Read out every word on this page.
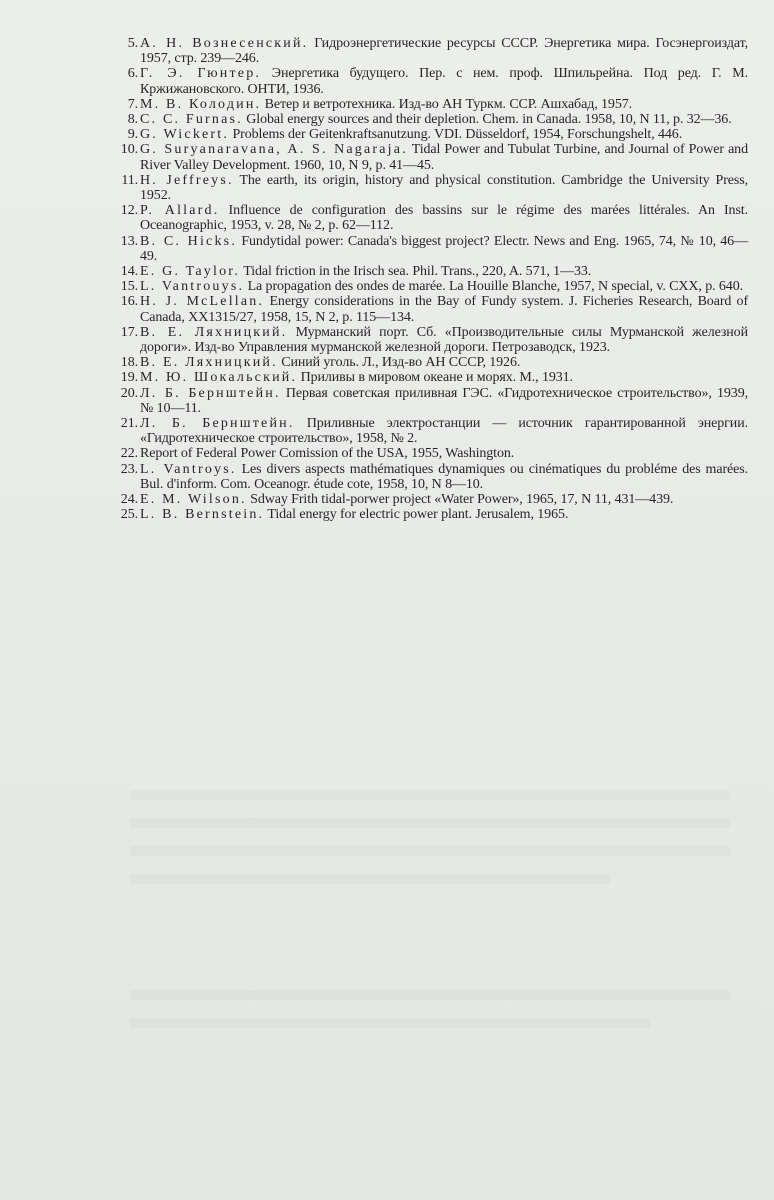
5. А. Н. Вознесенский. Гидроэнергетические ресурсы СССР. Энергетика мира. Госэнергоиздат, 1957, стр. 239—246.
6. Г. Э. Гюнтер. Энергетика будущего. Пер. с нем. проф. Шпильрейна. Под ред. Г. М. Кржижановского. ОНТИ, 1936.
7. М. В. Колодин. Ветер и ветротехника. Изд-во АН Туркм. ССР. Ашхабад, 1957.
8. C. C. Furnas. Global energy sources and their depletion. Chem. in Canada. 1958, 10, N 11, p. 32—36.
9. G. Wickert. Problems der Geitenkraftsanutzung. VDI. Düsseldorf, 1954, Forschungshelt, 446.
10. G. Suryanaravana, A. S. Nagaraja. Tidal Power and Tubulat Turbine, and Journal of Power and River Valley Development. 1960, 10, N 9, p. 41—45.
11. H. Jeffreys. The earth, its origin, history and physical constitution. Cambridge the University Press, 1952.
12. P. Allard. Influence de configuration des bassins sur le régime des marées littérales. An Inst. Oceanographic, 1953, v. 28, № 2, p. 62—112.
13. B. C. Hicks. Fundytidal power: Canada's biggest project? Electr. News and Eng. 1965, 74, № 10, 46—49.
14. E. G. Taylor. Tidal friction in the Irisch sea. Phil. Trans., 220, A. 571, 1—33.
15. L. Vantrouys. La propagation des ondes de marée. La Houille Blanche, 1957, N special, v. CXX, p. 640.
16. H. J. McLellan. Energy considerations in the Bay of Fundy system. J. Ficheries Research, Board of Canada, XX1315/27, 1958, 15, N 2, p. 115—134.
17. В. Е. Ляхницкий. Мурманский порт. Сб. «Производительные силы Мурманской железной дороги». Изд-во Управления мурманской железной дороги. Петрозаводск, 1923.
18. В. Е. Ляхницкий. Синий уголь. Л., Изд-во АН СССР, 1926.
19. М. Ю. Шокальский. Приливы в мировом океане и морях. М., 1931.
20. Л. Б. Бернштейн. Первая советская приливная ГЭС. «Гидротехническое строительство», 1939, № 10—11.
21. Л. Б. Бернштейн. Приливные электростанции — источник гарантированной энергии. «Гидротехническое строительство», 1958, № 2.
22. Report of Federal Power Comission of the USA, 1955, Washington.
23. L. Vantroys. Les divers aspects mathématiques dynamiques ou cinématiques du probléme des marées. Bul. d'inform. Com. Oceanogr. étude cote, 1958, 10, N 8—10.
24. E. M. Wilson. Sdway Frith tidal-porwer project «Water Power», 1965, 17, N 11, 431—439.
25. L. B. Bernstein. Tidal energy for electric power plant. Jerusalem, 1965.
